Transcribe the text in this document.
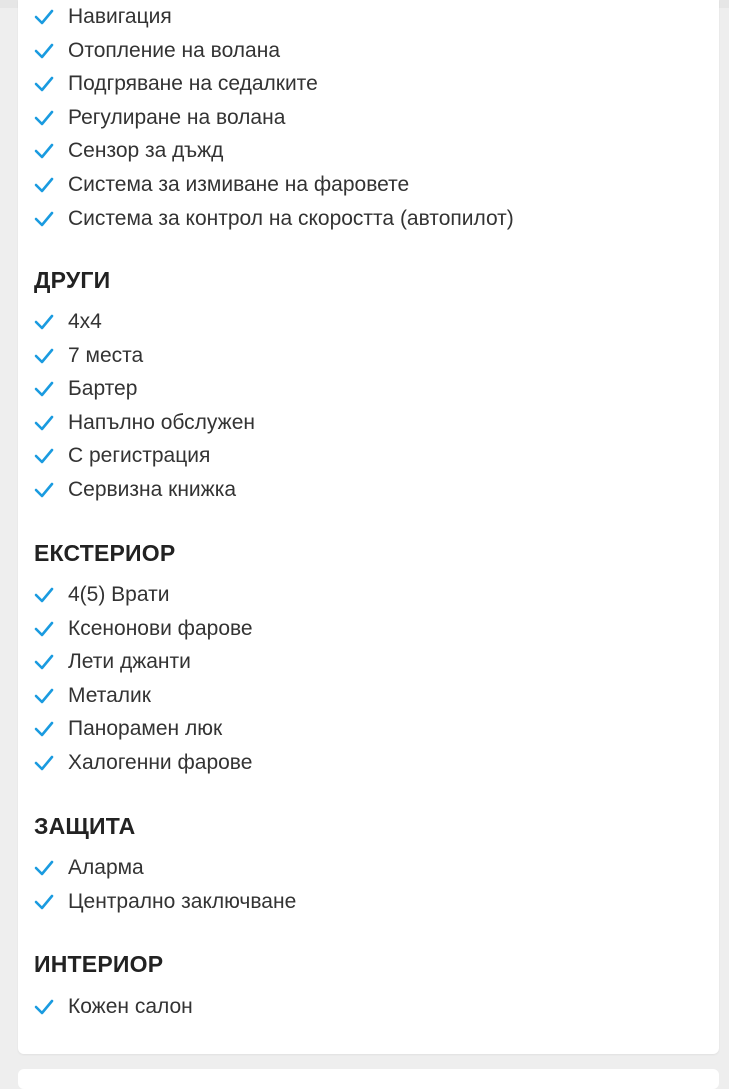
Навигация
Отопление на волана
Подгряване на седалките
Регулиране на волана
Сензор за дъжд
Система за измиване на фаровете
Система за контрол на скоростта (автопилот)
ДРУГИ
4x4
7 места
Бартер
Напълно обслужен
С регистрация
Сервизна книжка
ЕКСТЕРИОР
4(5) Врати
Ксенонови фарове
Лети джанти
Металик
Панорамен люк
Халогенни фарове
ЗАЩИТА
Аларма
Централно заключване
ИНТЕРИОР
Кожен салон
